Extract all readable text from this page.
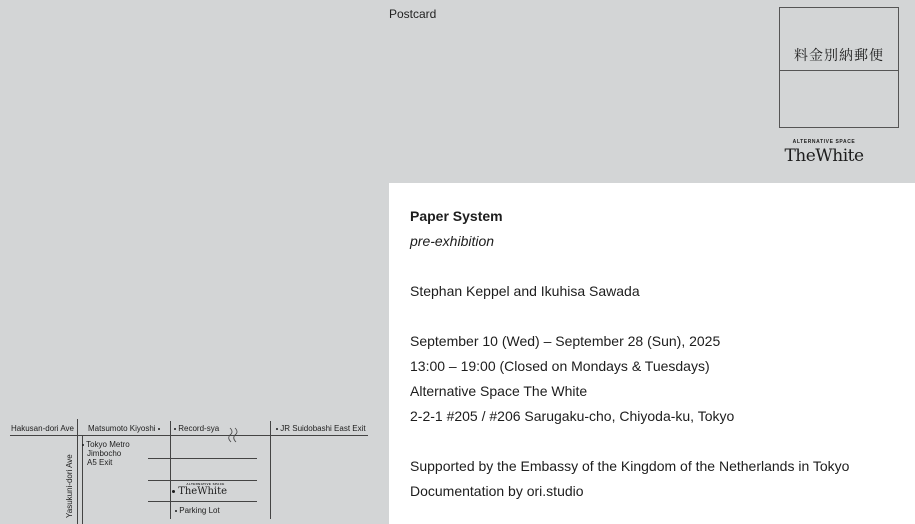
Postcard
料金別納郵便
ALTERNATIVE SPACE
TheWhite
Paper System
pre-exhibition
Stephan Keppel and Ikuhisa Sawada
September 10 (Wed) – September 28 (Sun), 2025
13:00 – 19:00 (Closed on Mondays & Tuesdays)
Alternative Space The White
2-2-1 #205 / #206 Sarugaku-cho, Chiyoda-ku, Tokyo
Supported by the Embassy of the Kingdom of the Netherlands in Tokyo
Documentation by ori.studio
Hakusan-dori Ave Matsumoto Kiyoshi	Record-sya	JR Suidobashi East Exit
Tokyo Metro
Jimbocho
A5 Exit
Yasukuni-dori Ave	ALTERNATIVE SPACE
TheWhite
Parking Lot
